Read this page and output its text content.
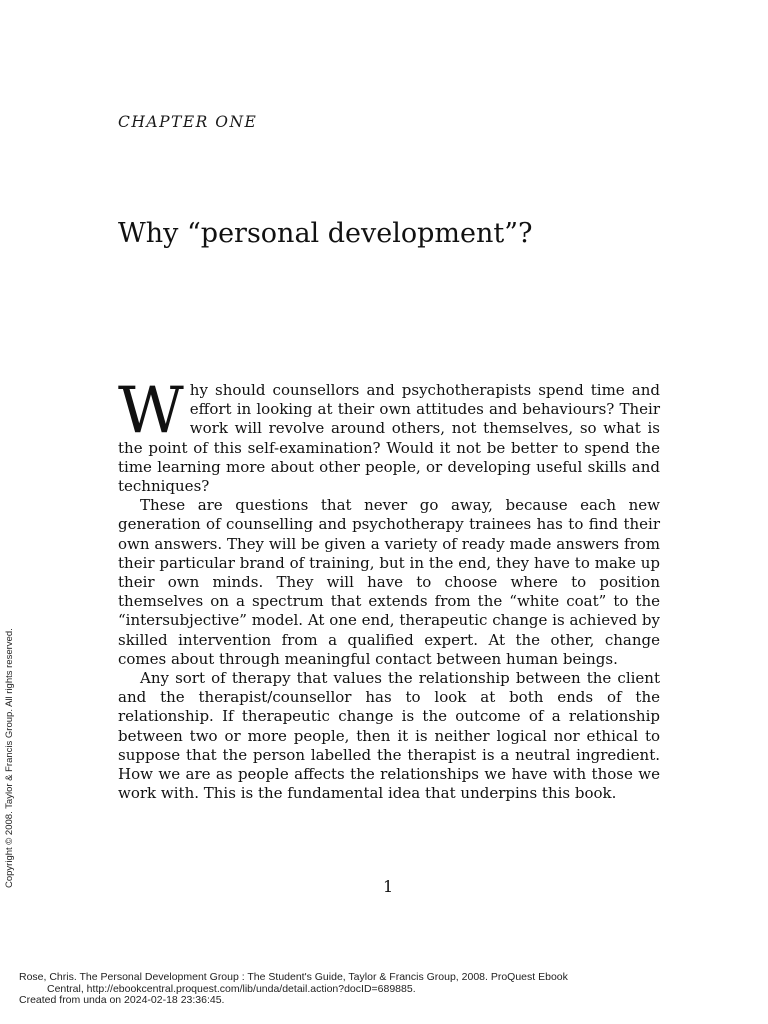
CHAPTER ONE
Why “personal development”?

Why should counsellors and psychotherapists spend time and effort in looking at their own attitudes and behaviours? Their work will revolve around others, not themselves, so what is the point of this self-examination? Would it not be better to spend the time learning more about other people, or developing useful skills and techniques?

These are questions that never go away, because each new generation of counselling and psychotherapy trainees has to find their own answers. They will be given a variety of ready made answers from their particular brand of training, but in the end, they have to make up their own minds. They will have to choose where to position themselves on a spectrum that extends from the “white coat” to the “intersubjective” model. At one end, therapeutic change is achieved by skilled intervention from a qualified expert. At the other, change comes about through meaningful contact between human beings.

Any sort of therapy that values the relationship between the client and the therapist/counsellor has to look at both ends of the relationship. If therapeutic change is the outcome of a relationship between two or more people, then it is neither logical nor ethical to suppose that the person labelled the therapist is a neutral ingredient. How we are as people affects the relationships we have with those we work with. This is the fundamental idea that underpins this book.

1
Copyright © 2008. Taylor & Francis Group. All rights reserved.
Rose, Chris. The Personal Development Group : The Student's Guide, Taylor & Francis Group, 2008. ProQuest Ebook
Central, http://ebookcentral.proquest.com/lib/unda/detail.action?docID=689885.
Created from unda on 2024-02-18 23:36:45.
